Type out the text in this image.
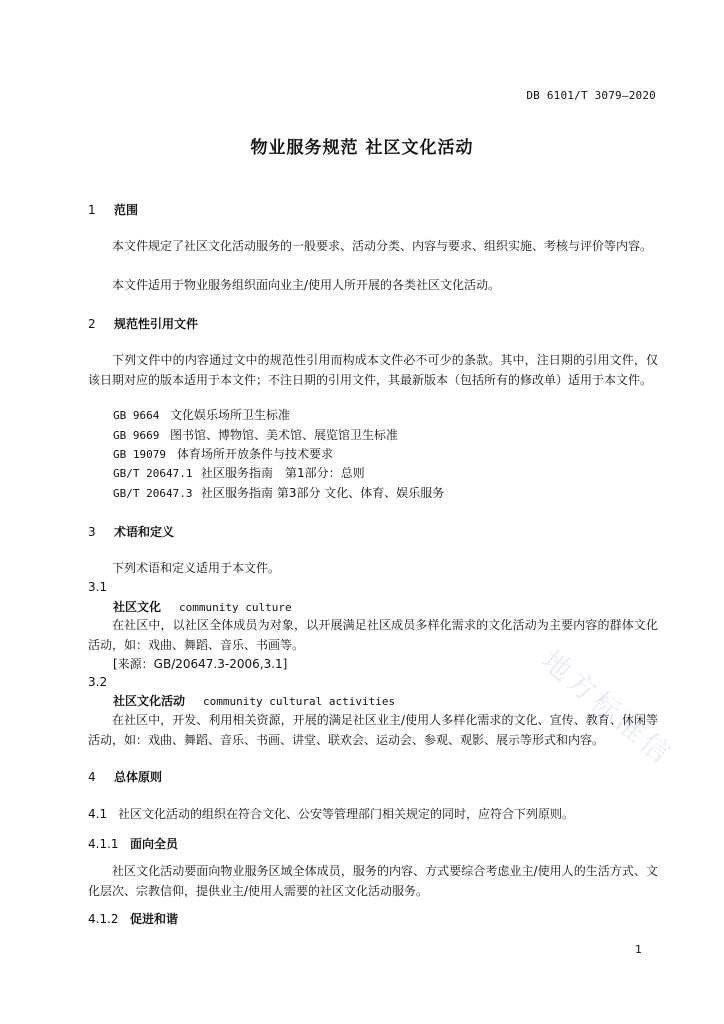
DB 6101/T 3079—2020
物业服务规范 社区文化活动
地方标准信
1 范围
本文件规定了社区文化活动服务的一般要求、活动分类、内容与要求、组织实施、考核与评价等内容。
本文件适用于物业服务组织面向业主/使用人所开展的各类社区文化活动。
2 规范性引用文件
下列文件中的内容通过文中的规范性引用而构成本文件必不可少的条款。其中，注日期的引用文件，仅该日期对应的版本适用于本文件；不注日期的引用文件，其最新版本（包括所有的修改单）适用于本文件。
GB 9664 文化娱乐场所卫生标准
GB 9669 图书馆、博物馆、美术馆、展览馆卫生标准
GB 19079 体育场所开放条件与技术要求
GB/T 20647.1 社区服务指南　第1部分：总则
GB/T 20647.3 社区服务指南 第3部分 文化、体育、娱乐服务
3 术语和定义
下列术语和定义适用于本文件。
3.1
社区文化 community culture
在社区中，以社区全体成员为对象，以开展满足社区成员多样化需求的文化活动为主要内容的群体文化活动，如：戏曲、舞蹈、音乐、书画等。
[来源：GB/20647.3-2006,3.1]
3.2
社区文化活动 community cultural activities
在社区中，开发、利用相关资源，开展的满足社区业主/使用人多样化需求的文化、宣传、教育、休闲等活动，如：戏曲、舞蹈、音乐、书画、讲堂、联欢会、运动会、参观、观影、展示等形式和内容。
4 总体原则
4.1 社区文化活动的组织在符合文化、公安等管理部门相关规定的同时，应符合下列原则。
4.1.1 面向全员
社区文化活动要面向物业服务区域全体成员，服务的内容、方式要综合考虑业主/使用人的生活方式、文化层次、宗教信仰，提供业主/使用人需要的社区文化活动服务。
4.1.2 促进和谐
1
